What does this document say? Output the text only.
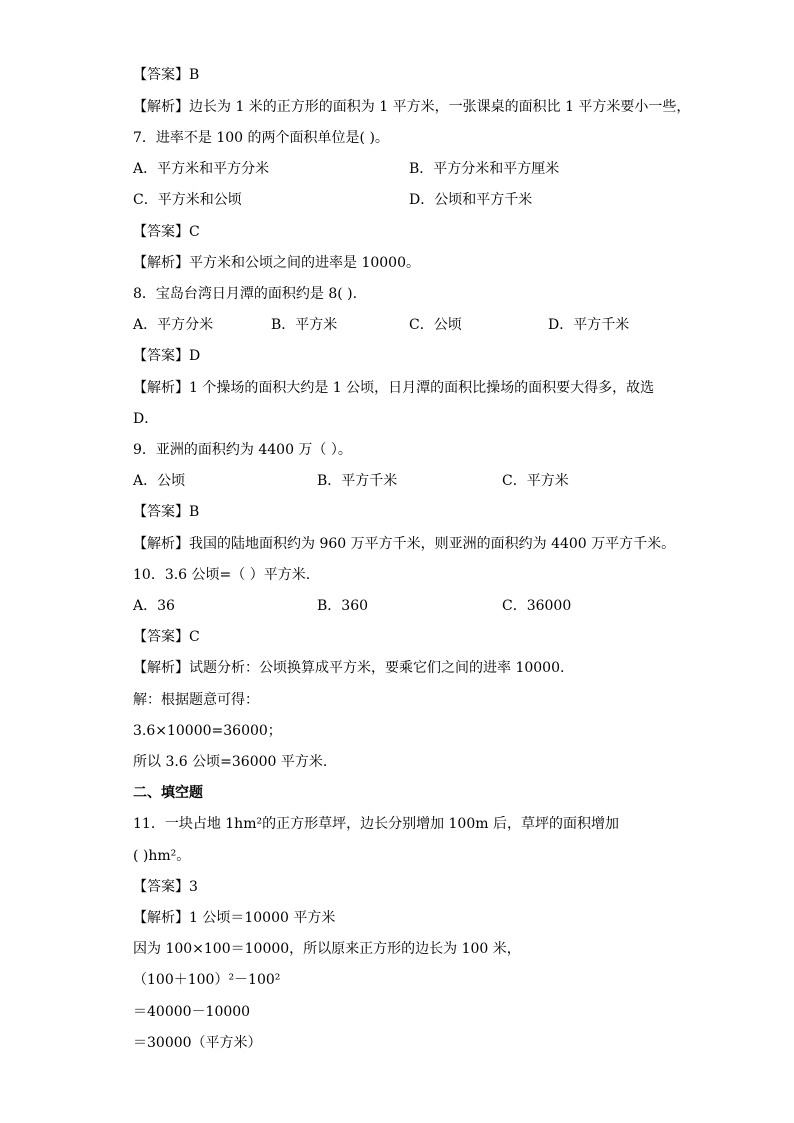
【答案】B
【解析】边长为 1 米的正方形的面积为 1 平方米，一张课桌的面积比 1 平方米要小一些，
7．进率不是 100 的两个面积单位是( )。
A．平方米和平方分米	B．平方分米和平方厘米
C．平方米和公顷	D．公顷和平方千米
【答案】C
【解析】平方米和公顷之间的进率是 10000。
8．宝岛台湾日月潭的面积约是 8( ).
A．平方分米	B．平方米	C．公顷	D．平方千米
【答案】D
【解析】1 个操场的面积大约是 1 公顷，日月潭的面积比操场的面积要大得多，故选
D．
9．亚洲的面积约为 4400 万（ ）。
A．公顷	B．平方千米	C．平方米
【答案】B
【解析】我国的陆地面积约为 960 万平方千米，则亚洲的面积约为 4400 万平方千米。
10．3.6 公顷=（ ）平方米.
A．36	B．360	C．36000
【答案】C
【解析】试题分析：公顷换算成平方米，要乘它们之间的进率 10000.
解：根据题意可得：
3.6×10000=36000；
所以 3.6 公顷=36000 平方米.
二、填空题
11．一块占地 1hm²的正方形草坪，边长分别增加 100m 后，草坪的面积增加
( )hm²。
【答案】3
【解析】1 公顷＝10000 平方米
因为 100×100＝10000，所以原来正方形的边长为 100 米，
（100＋100）²－100²
＝40000－10000
＝30000（平方米）
